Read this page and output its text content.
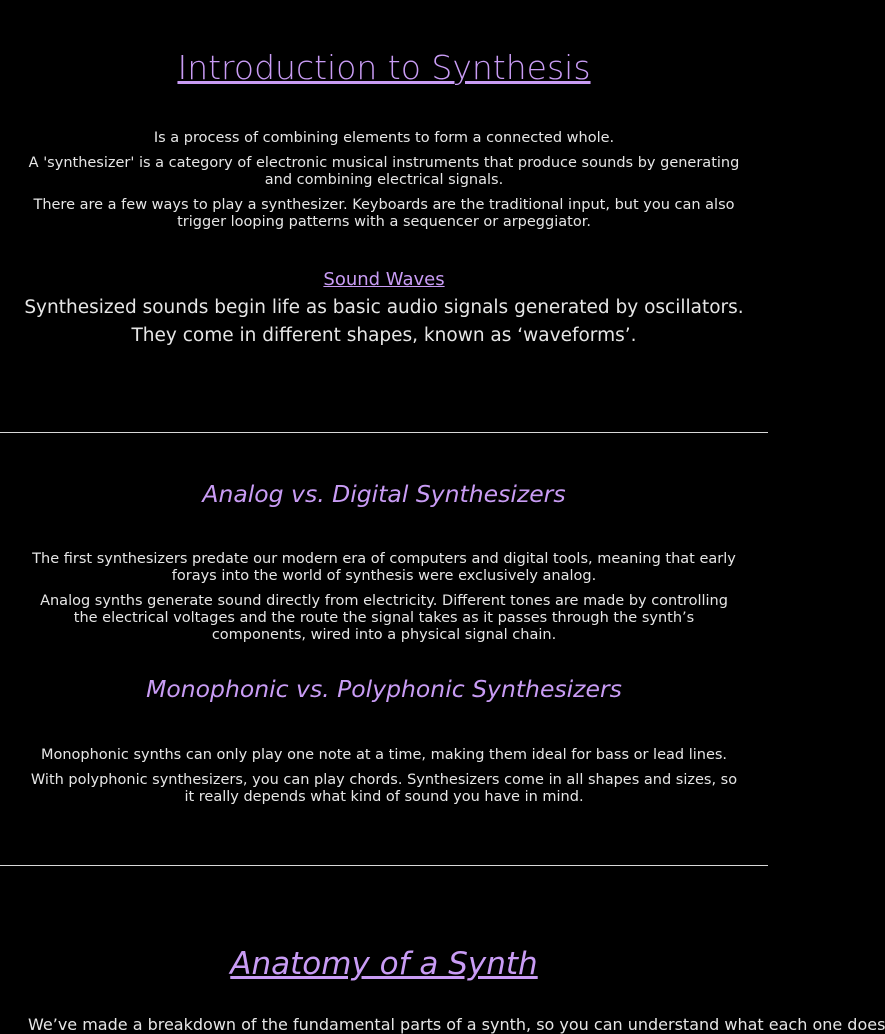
Introduction to Synthesis

Is a process of combining elements to form a connected whole.

A 'synthesizer' is a category of electronic musical instruments that produce sounds by generating and combining electrical signals.

There are a few ways to play a synthesizer. Keyboards are the traditional input, but you can also trigger looping patterns with a sequencer or arpeggiator.

Sound Waves

Synthesized sounds begin life as basic audio signals generated by oscillators.

They come in different shapes, known as ‘waveforms’.

Analog vs. Digital Synthesizers

The first synthesizers predate our modern era of computers and digital tools, meaning that early forays into the world of synthesis were exclusively analog.

Analog synths generate sound directly from electricity. Different tones are made by controlling the electrical voltages and the route the signal takes as it passes through the synth’s components, wired into a physical signal chain.

Monophonic vs. Polyphonic Synthesizers

Monophonic synths can only play one note at a time, making them ideal for bass or lead lines.

With polyphonic synthesizers, you can play chords. Synthesizers come in all shapes and sizes, so it really depends what kind of sound you have in mind.

Anatomy of a Synth

We’ve made a breakdown of the fundamental parts of a synth, so you can understand what each one does
